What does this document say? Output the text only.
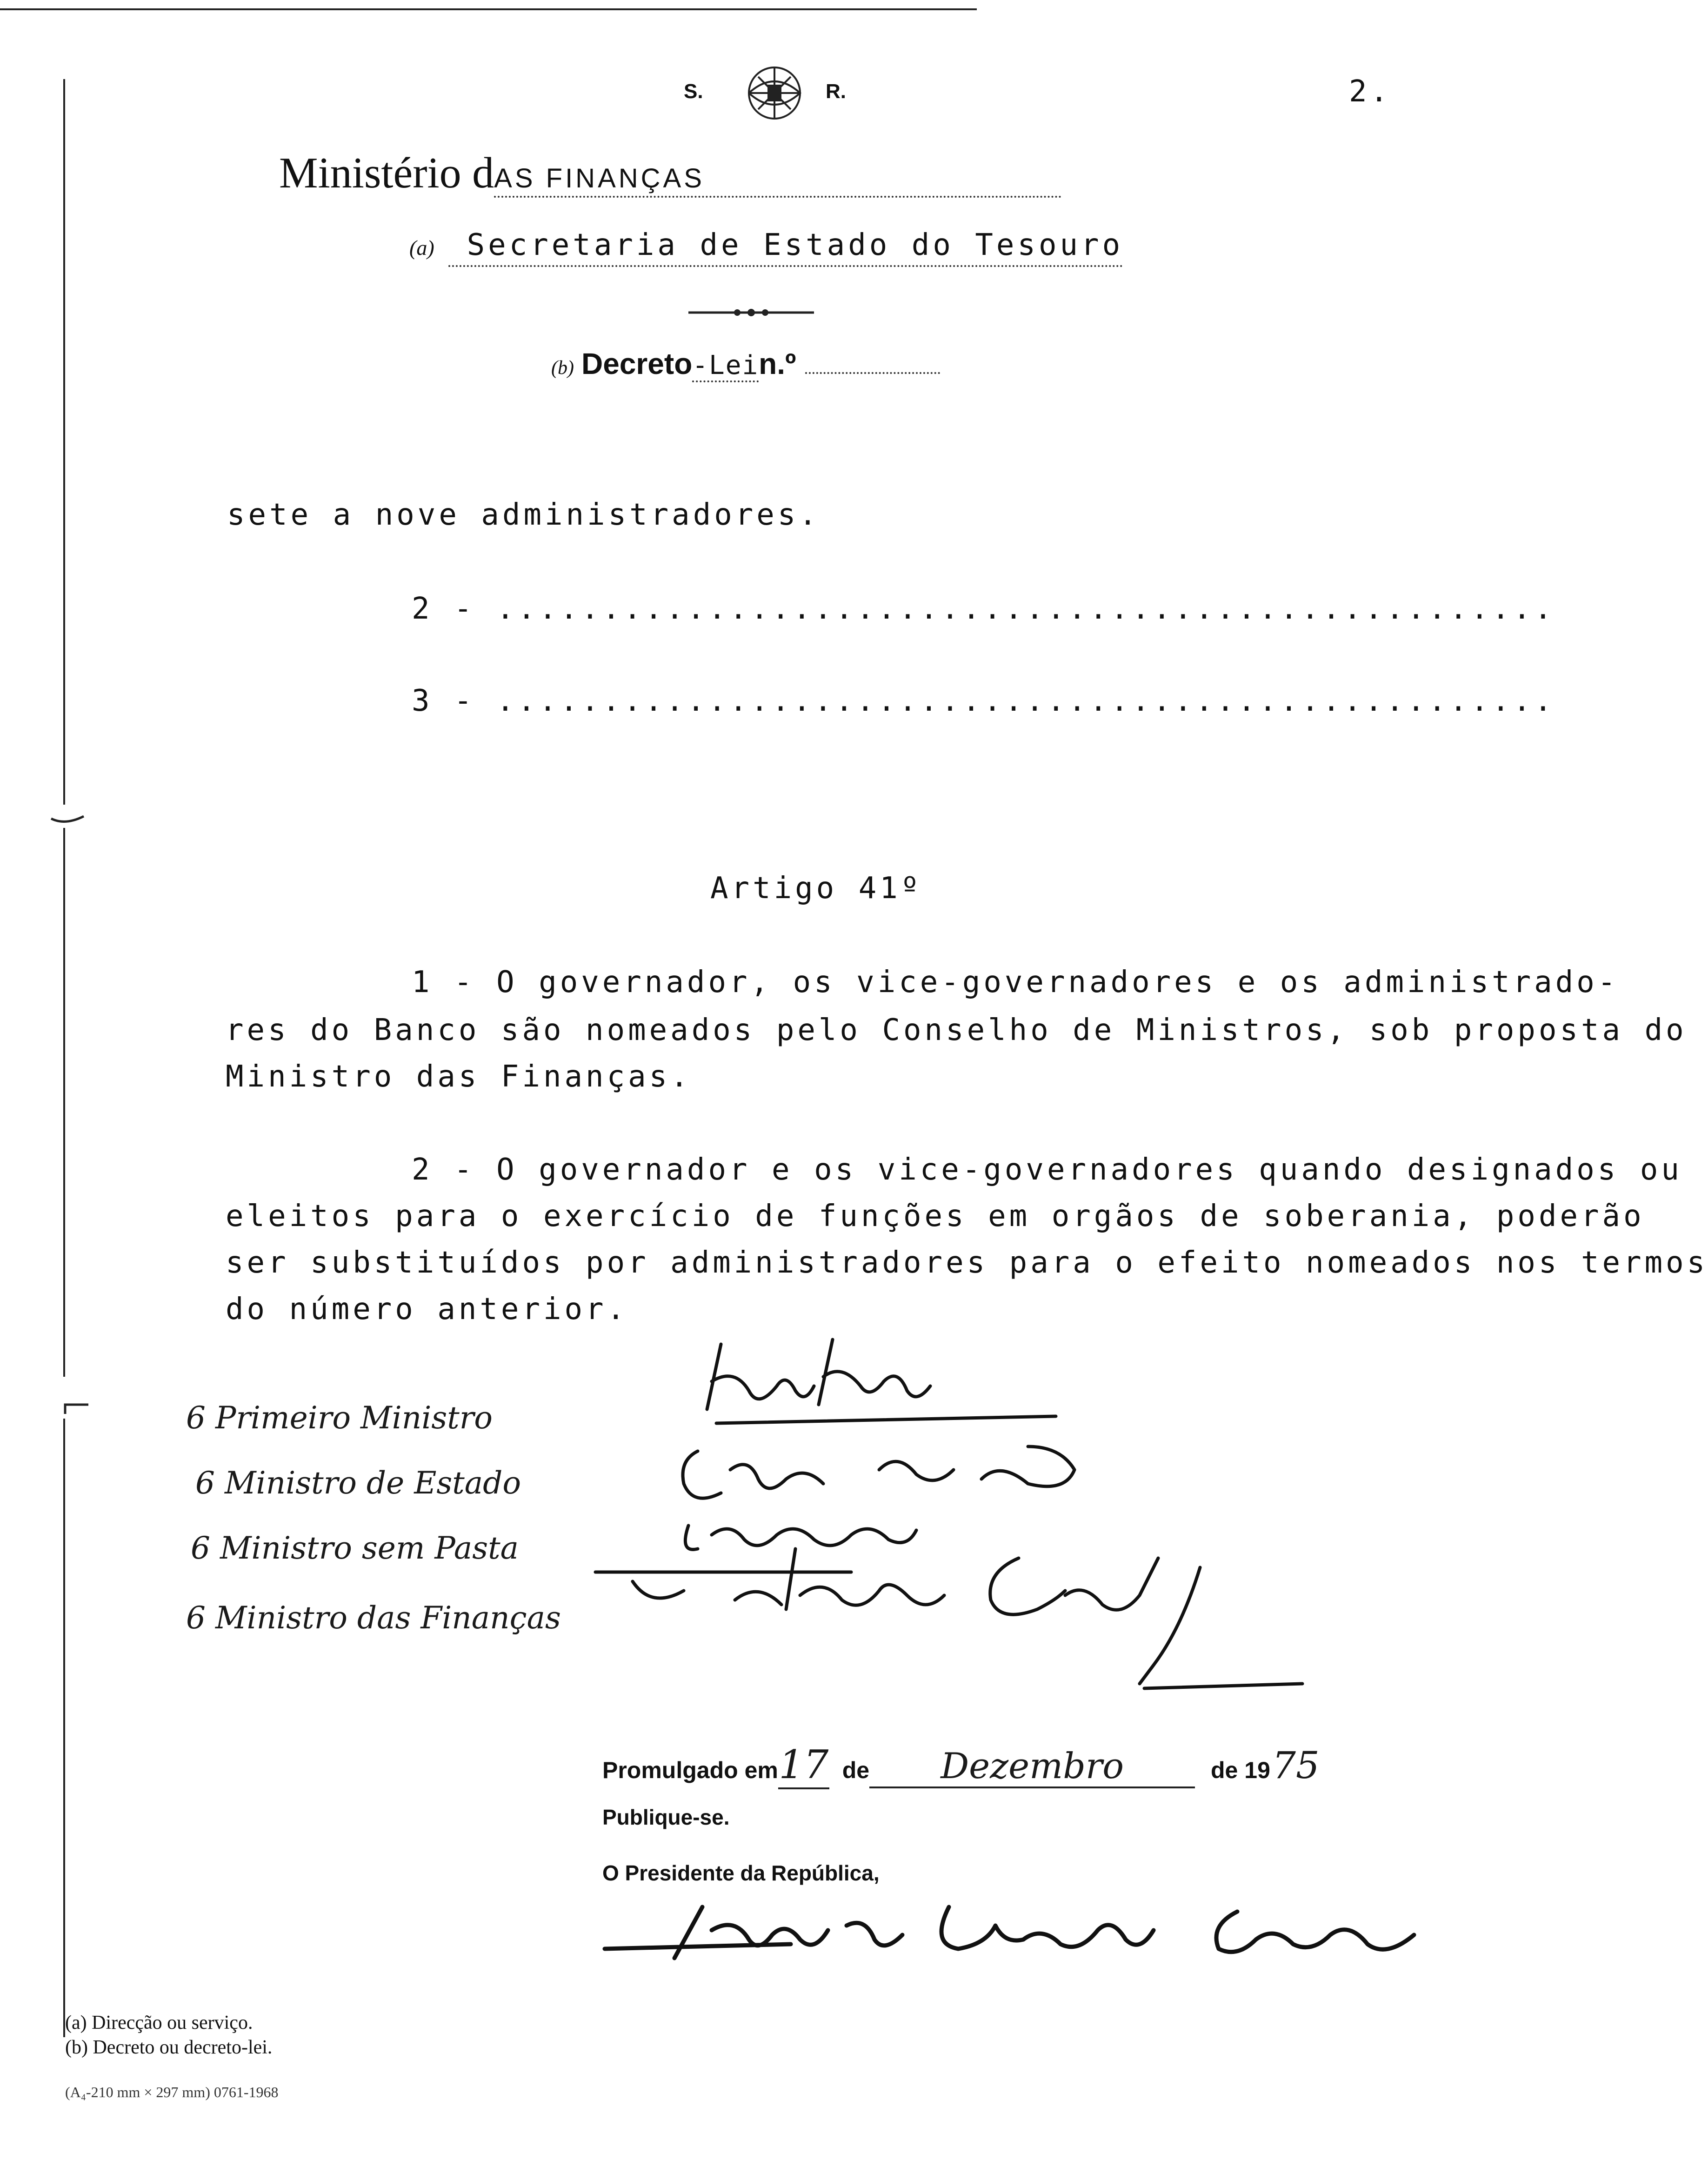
S.	R.	2.
Ministério dAS FINANÇAS
(a) Secretaria de Estado do Tesouro
(b) Decreto-Lein.º
sete a nove administradores.
2 - ..................................................
3 - ..................................................
Artigo 41º
1 - O governador, os vice-governadores e os administrado-
res do Banco são nomeados pelo Conselho de Ministros, sob proposta do
Ministro das Finanças.
2 - O governador e os vice-governadores quando designados ou
eleitos para o exercício de funções em orgãos de soberania, poderão
ser substituídos por administradores para o efeito nomeados nos termos
do número anterior.
6 Primeiro Ministro
6 Ministro de Estado
6 Ministro sem Pasta
6 Ministro das Finanças
Promulgado em17 de Dezembro	de 1975
Publique-se.
O Presidente da República,
(a) Direcção ou serviço.
(b) Decreto ou decreto-lei.
(A₄-210 mm × 297 mm) 0761-1968
